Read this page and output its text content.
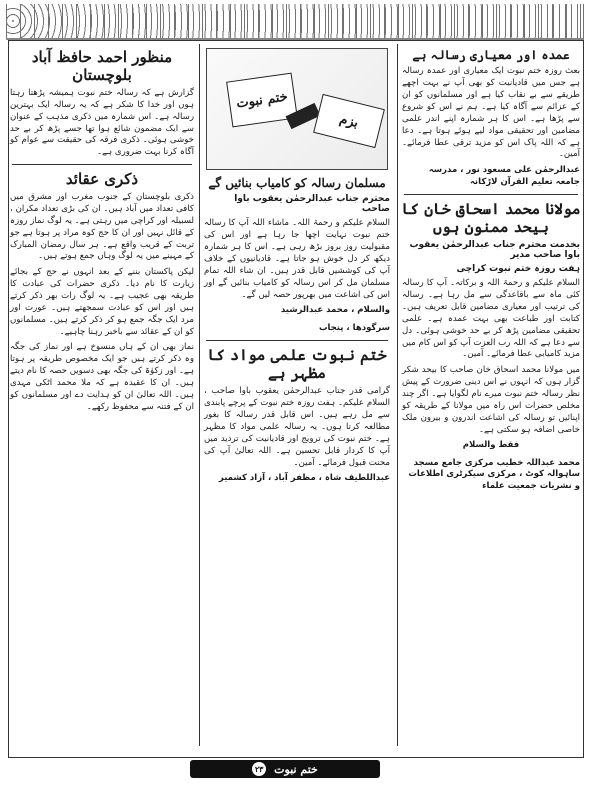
عمدہ اور معیاری رسالہ ہے
بعث روزہ ختم نبوت ایک معیاری اور عمدہ رسالہ ہے جس میں قادیانیت کو بھی آپ نے بہت اچھے طریقے سے بے نقاب کیا ہے اور مسلمانوں کو ان کے عزائم سے آگاہ کیا ہے۔ ہم نے اس کو شروع سے پڑھا ہے۔ اس کا ہر شمارہ اپنے اندر علمی مضامین اور تحقیقی مواد لیے ہوئے ہوتا ہے۔ دعا ہے کہ اللہ پاک اس کو مزید ترقی عطا فرمائے۔ آمین۔
عبدالرحمٰن علی مسعود نور ، مدرسہ جامعہ تعلیم القرآن لاڑکانہ
مولانا محمد اسحاق خان کا بیحد ممنون ہوں
بخدمت محترم جناب عبدالرحمٰن یعقوب باوا صاحب مدیر
ہفت روزہ ختم نبوت کراچی
السلام علیکم و رحمۃ اللہ و برکاتہ۔ آپ کا رسالہ کئی ماہ سے باقاعدگی سے مل رہا ہے۔ رسالہ کی ترتیب اور معیاری مضامین قابل تعریف ہیں۔ کتابت اور طباعت بھی بہت عمدہ ہے۔ علمی تحقیقی مضامین پڑھ کر بے حد خوشی ہوئی۔ دل سے دعا ہے کہ اللہ رب العزت آپ کو اس کام میں مزید کامیابی عطا فرمائے۔ آمین۔
میں مولانا محمد اسحاق خان صاحب کا بیحد شکر گزار ہوں کہ انہوں نے اس دینی ضرورت کے پیش نظر رسالہ ختم نبوت میرے نام لگوایا ہے۔ اگر چند مخلص حضرات اس راہ میں مولانا کے طریقہ کو اپنائیں تو رسالہ کی اشاعت اندرون و بیرون ملک خاصی اضافہ ہو سکتی ہے۔
فقط والسلام
محمد عبداللہ خطیب مرکزی جامع مسجد ساہوالہ کوٹ ، مرکزی سیکرٹری اطلاعات و نشریات جمعیت علماء
ختم نبوت
بزم
مسلمان رسالہ کو کامیاب بنائیں گے
محترم جناب عبدالرحمٰن یعقوب باوا صاحب
السلام علیکم و رحمۃ اللہ۔ ماشاء اللہ آپ کا رسالہ ختم نبوت نہایت اچھا جا رہا ہے اور اس کی مقبولیت روز بروز بڑھ رہی ہے۔ اس کا ہر شمارہ دیکھ کر دل خوش ہو جاتا ہے۔ قادیانیوں کے خلاف آپ کی کوششیں قابل قدر ہیں۔ ان شاء اللہ تمام مسلمان مل کر اس رسالہ کو کامیاب بنائیں گے اور اس کی اشاعت میں بھرپور حصہ لیں گے۔
والسلام ، محمد عبدالرشید
سرگودھا ، پنجاب
ختم نبوت علمی مواد کا مظہر ہے
گرامی قدر جناب عبدالرحمٰن یعقوب باوا صاحب ، السلام علیکم۔ ہفت روزہ ختم نبوت کے پرچے پابندی سے مل رہے ہیں۔ اس قابل قدر رسالہ کا بغور مطالعہ کرتا ہوں۔ یہ رسالہ علمی مواد کا مظہر ہے۔ ختم نبوت کی ترویج اور قادیانیت کی تردید میں آپ کا کردار قابل تحسین ہے۔ اللہ تعالیٰ آپ کی محنت قبول فرمائے۔ آمین۔
عبداللطیف شاہ ، مظفر آباد ، آزاد کشمیر
منظور احمد حافظ آباد بلوچستان
گزارش ہے کہ رسالہ ختم نبوت ہمیشہ پڑھتا رہتا ہوں اور خدا کا شکر ہے کہ یہ رسالہ ایک بہترین رسالہ ہے۔ اس شمارہ میں ذکری مذہب کے عنوان سے ایک مضمون شائع ہوا تھا جسے پڑھ کر بے حد خوشی ہوئی۔ ذکری فرقہ کی حقیقت سے عوام کو آگاہ کرنا بہت ضروری ہے۔
ذکری عقائد
ذکری بلوچستان کے جنوب مغرب اور مشرق میں کافی تعداد میں آباد ہیں۔ ان کی بڑی تعداد مکران ، لسبیلہ اور کراچی میں رہتی ہے۔ یہ لوگ نماز روزہ کے قائل نہیں اور ان کا حج کوہ مراد پر ہوتا ہے جو تربت کے قریب واقع ہے۔ ہر سال رمضان المبارک کے مہینے میں یہ لوگ وہاں جمع ہوتے ہیں۔
لیکن پاکستان بننے کے بعد انہوں نے حج کے بجائے زیارت کا نام دیا۔ ذکری حضرات کی عبادت کا طریقہ بھی عجیب ہے۔ یہ لوگ رات بھر ذکر کرتے ہیں اور اس کو عبادت سمجھتے ہیں۔ عورت اور مرد ایک جگہ جمع ہو کر ذکر کرتے ہیں۔ مسلمانوں کو ان کے عقائد سے باخبر رہنا چاہیے۔
نماز بھی ان کے ہاں منسوخ ہے اور نماز کی جگہ وہ ذکر کرتے ہیں جو ایک مخصوص طریقہ پر ہوتا ہے۔ اور زکوٰۃ کی جگہ بھی دسویں حصہ کا نام دیتے ہیں۔ ان کا عقیدہ ہے کہ ملا محمد اٹکی مہدی ہیں۔ اللہ تعالیٰ ان کو ہدایت دے اور مسلمانوں کو ان کے فتنہ سے محفوظ رکھے۔
ختم نبوت
٢٣
